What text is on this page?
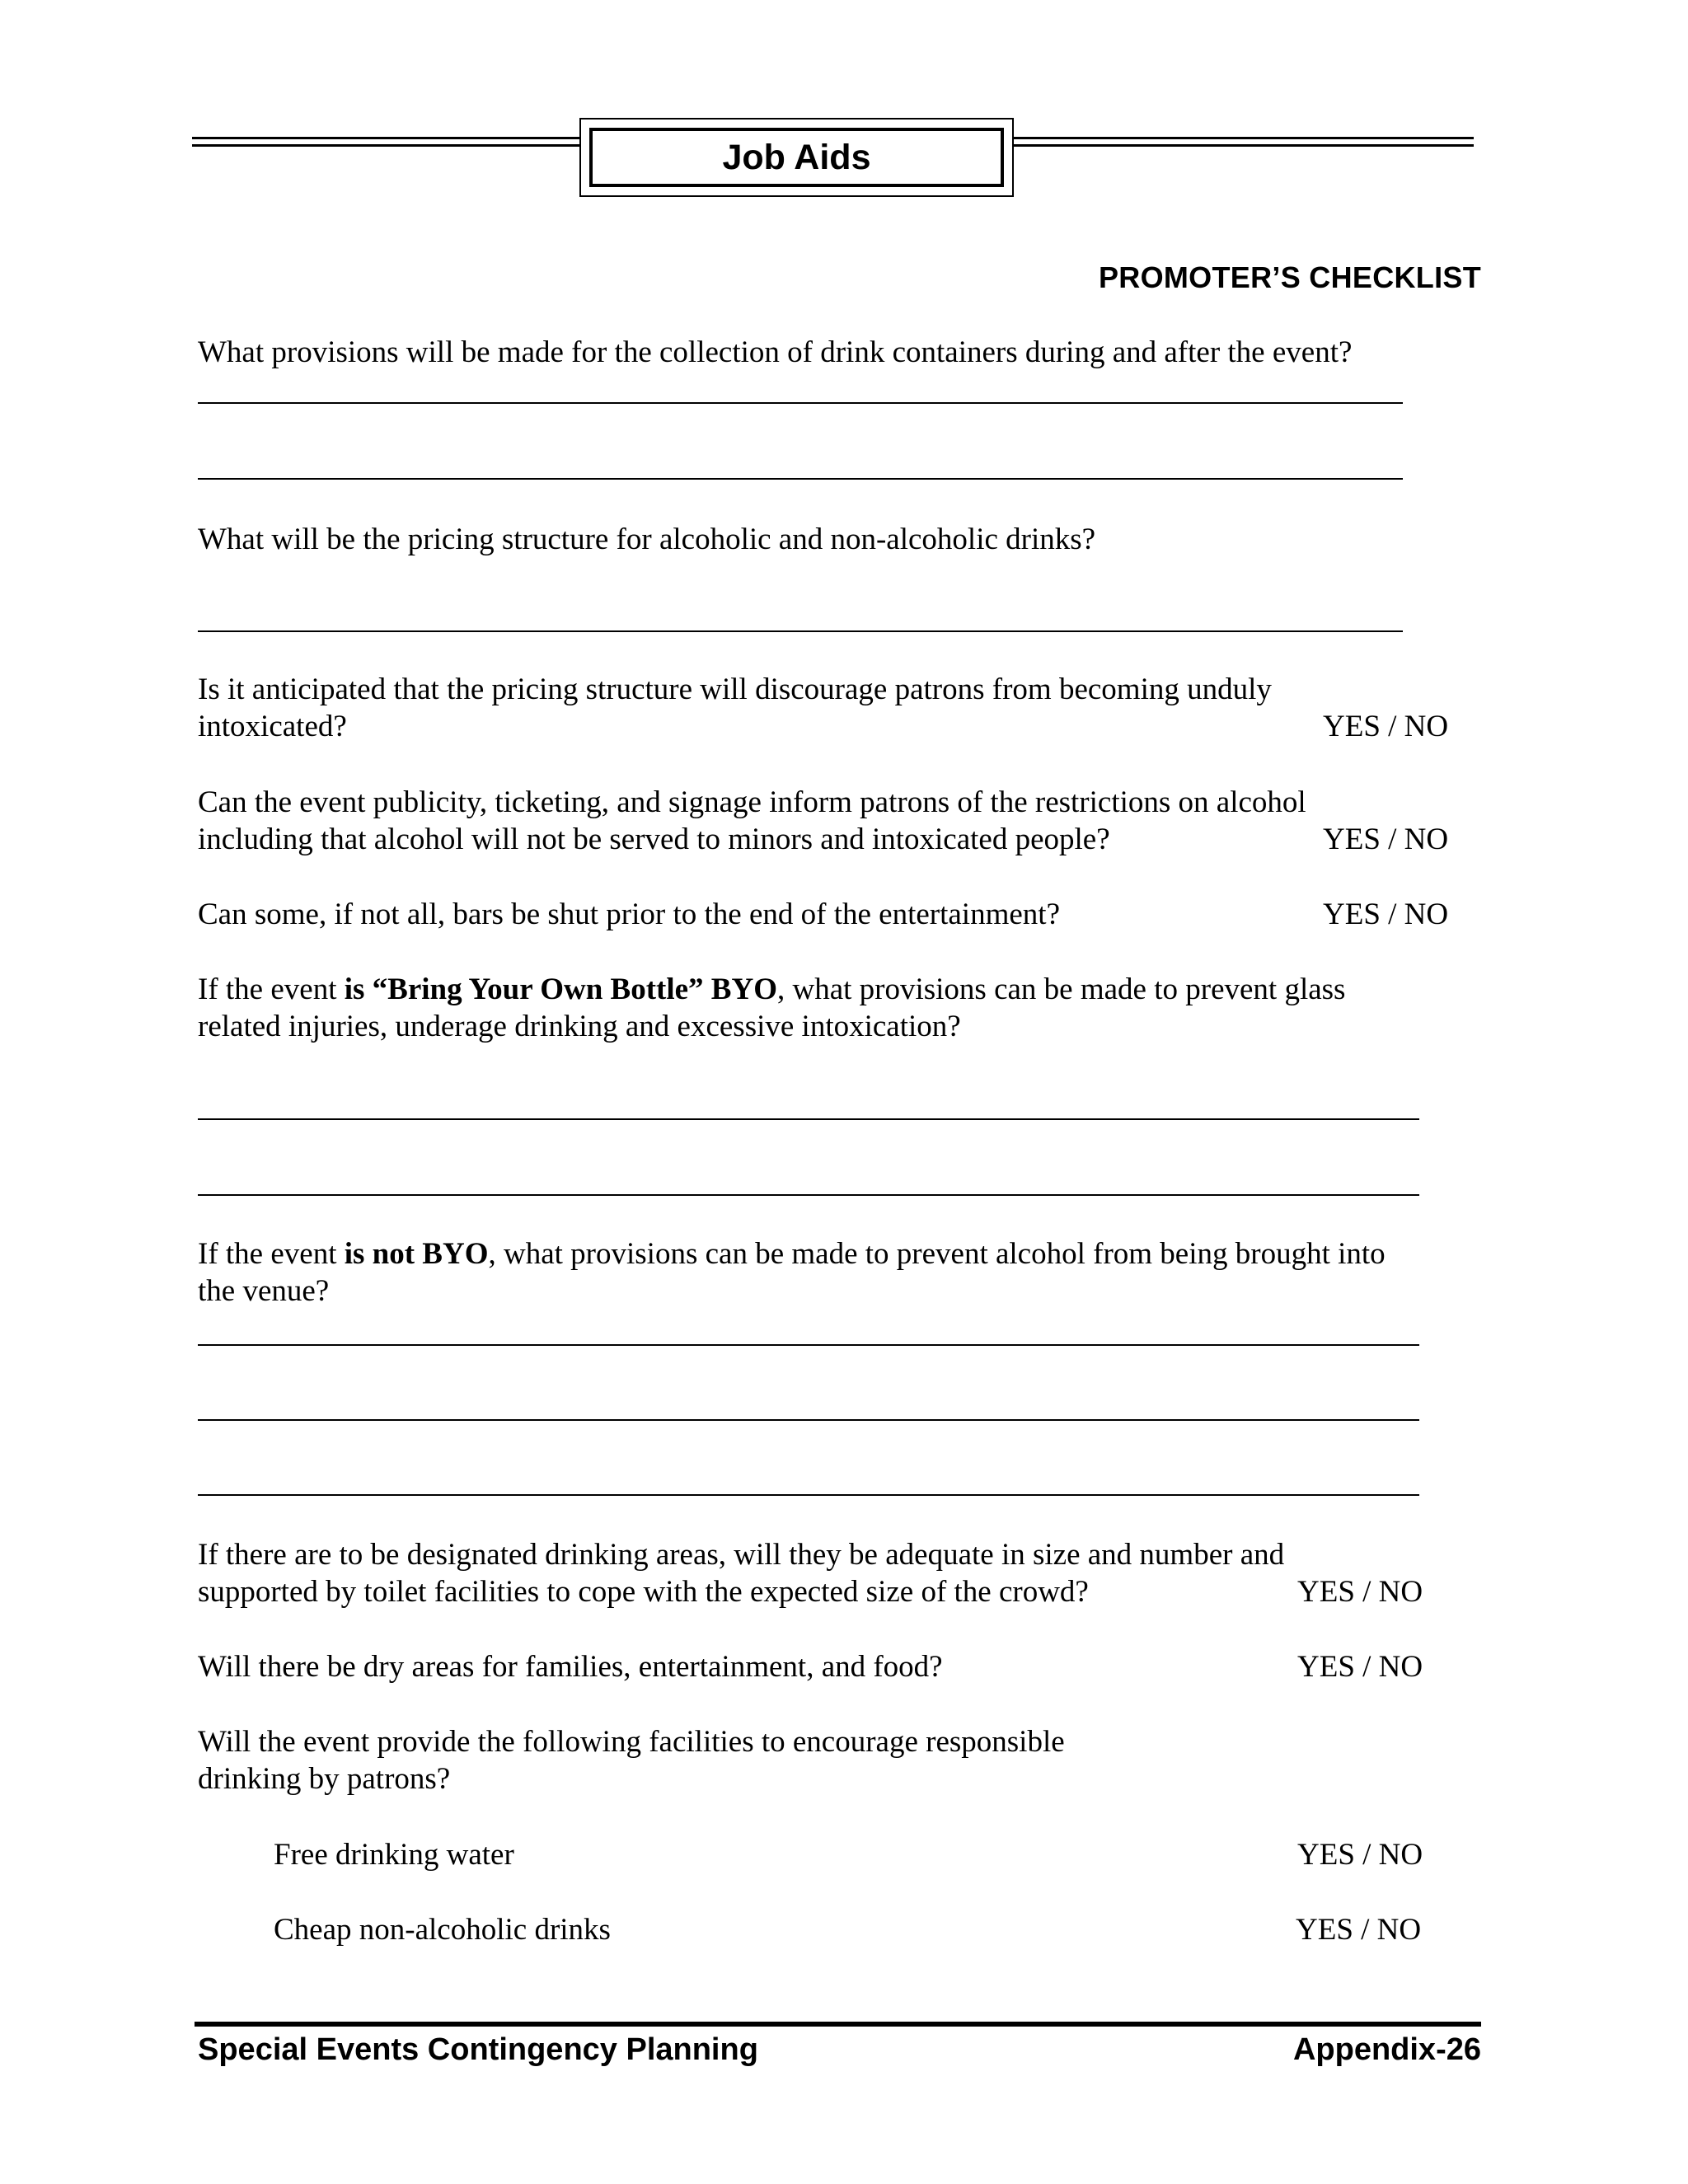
Job Aids
PROMOTER’S CHECKLIST
What provisions will be made for the collection of drink containers during and after the event?
What will be the pricing structure for alcoholic and non-alcoholic drinks?
Is it anticipated that the pricing structure will discourage patrons from becoming unduly
intoxicated?	YES / NO
Can the event publicity, ticketing, and signage inform patrons of the restrictions on alcohol
including that alcohol will not be served to minors and intoxicated people?	YES / NO
Can some, if not all, bars be shut prior to the end of the entertainment?	YES / NO
If the event is “Bring Your Own Bottle” BYO, what provisions can be made to prevent glass
related injuries, underage drinking and excessive intoxication?
If the event is not BYO, what provisions can be made to prevent alcohol from being brought into
the venue?
If there are to be designated drinking areas, will they be adequate in size and number and
supported by toilet facilities to cope with the expected size of the crowd?	YES / NO
Will there be dry areas for families, entertainment, and food?	YES / NO
Will the event provide the following facilities to encourage responsible
drinking by patrons?
Free drinking water	YES / NO
Cheap non-alcoholic drinks	YES / NO
Special Events Contingency Planning	Appendix-26
